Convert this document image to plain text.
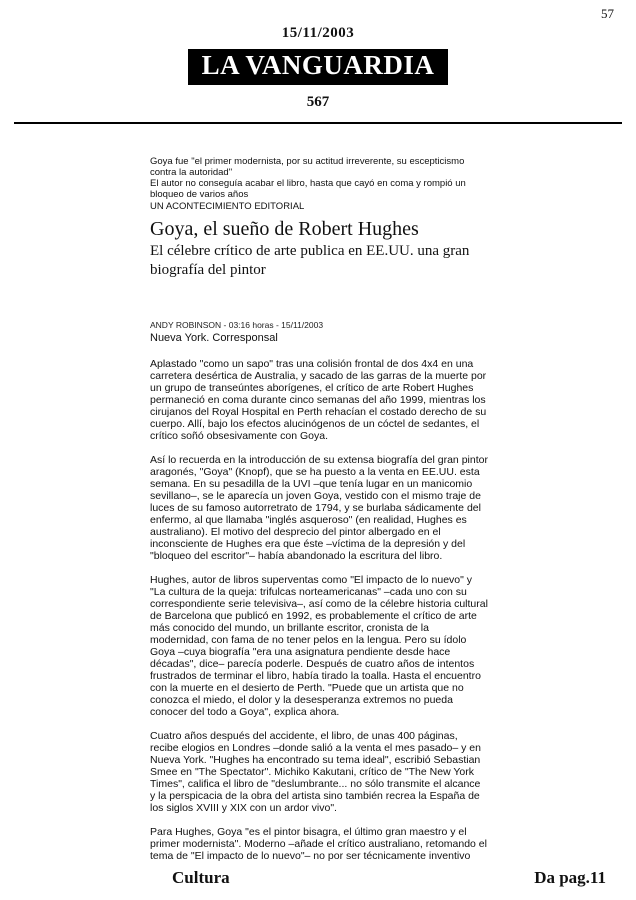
57
15/11/2003
LA VANGUARDIA
567

Goya fue "el primer modernista, por su actitud irreverente, su escepticismo contra la autoridad"

El autor no conseguía acabar el libro, hasta que cayó en coma y rompió un bloqueo de varios años

UN ACONTECIMIENTO EDITORIAL

Goya, el sueño de Robert Hughes
El célebre crítico de arte publica en EE.UU. una gran biografía del pintor
ANDY ROBINSON - 03:16 horas - 15/11/2003
Nueva York. Corresponsal

Aplastado "como un sapo" tras una colisión frontal de dos 4x4 en una carretera desértica de Australia, y sacado de las garras de la muerte por un grupo de transeúntes aborígenes, el crítico de arte Robert Hughes permaneció en coma durante cinco semanas del año 1999, mientras los cirujanos del Royal Hospital en Perth rehacían el costado derecho de su cuerpo. Allí, bajo los efectos alucinógenos de un cóctel de sedantes, el crítico soñó obsesivamente con Goya.

Así lo recuerda en la introducción de su extensa biografía del gran pintor aragonés, "Goya" (Knopf), que se ha puesto a la venta en EE.UU. esta semana. En su pesadilla de la UVI –que tenía lugar en un manicomio sevillano–, se le aparecía un joven Goya, vestido con el mismo traje de luces de su famoso autorretrato de 1794, y se burlaba sádicamente del enfermo, al que llamaba "inglés asqueroso" (en realidad, Hughes es australiano). El motivo del desprecio del pintor albergado en el inconsciente de Hughes era que éste –víctima de la depresión y del "bloqueo del escritor"– había abandonado la escritura del libro.

Hughes, autor de libros superventas como "El impacto de lo nuevo" y "La cultura de la queja: trifulcas norteamericanas" –cada uno con su correspondiente serie televisiva–, así como de la célebre historia cultural de Barcelona que publicó en 1992, es probablemente el crítico de arte más conocido del mundo, un brillante escritor, cronista de la modernidad, con fama de no tener pelos en la lengua. Pero su ídolo Goya –cuya biografía "era una asignatura pendiente desde hace décadas", dice– parecía poderle. Después de cuatro años de intentos frustrados de terminar el libro, había tirado la toalla. Hasta el encuentro con la muerte en el desierto de Perth. "Puede que un artista que no conozca el miedo, el dolor y la desesperanza extremos no pueda conocer del todo a Goya", explica ahora.

Cuatro años después del accidente, el libro, de unas 400 páginas, recibe elogios en Londres –donde salió a la venta el mes pasado– y en Nueva York. "Hughes ha encontrado su tema ideal", escribió Sebastian Smee en "The Spectator". Michiko Kakutani, crítico de "The New York Times", califica el libro de "deslumbrante... no sólo transmite el alcance y la perspicacia de la obra del artista sino también recrea la España de los siglos XVIII y XIX con un ardor vivo".

Para Hughes, Goya "es el pintor bisagra, el último gran maestro y el primer modernista". Moderno –añade el crítico australiano, retomando el tema de "El impacto de lo nuevo"– no por ser técnicamente inventivo

Cultura	Da pag.11
